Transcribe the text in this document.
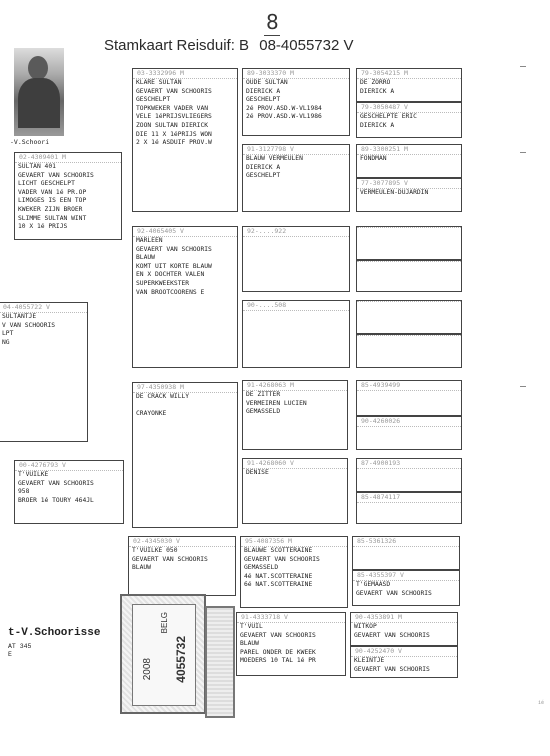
8
Stamkaart Reisduif: B 08-4055732 V
-V.Schoori
02-4309401 M
SULTAN 401
GEVAERT VAN SCHOORIS
LICHT GESCHELPT
VADER VAN 1é PR.OP
LIMOGES IS EEN TOP
KWEKER ZIJN BROER
SLIMME SULTAN WINT
10 X 1é PRIJS
04-4055722 V
SULTANTJE
V VAN SCHOORIS
LPT
NG
03-3332996 M
KLARE SULTAN
GEVAERT VAN SCHOORIS
GESCHELPT
TOPKWEKER VADER VAN
VELE 1éPRIJSVLIEGERS
ZOON SULTAN DIERICK
DIE 11 X 1éPRIJS WON
2 X 1é ASDUIF PROV.W
92-4065405 V
MARLEEN
GEVAERT VAN SCHOORIS
BLAUW
KOMT UIT KORTE BLAUW
EN X DOCHTER VALEN
SUPERKWEEKSTER
VAN BROOTCOORENS E
97-4350938 M
DE CRACK WILLY

CRAYONKE
00-4276793 V
T'VUILKE
GEVAERT VAN SCHOORIS
958
BROER 1é TOURY 464JL
02-4345030 V
T'VUILKE 050
GEVAERT VAN SCHOORIS
BLAUW
89-3033370 M
OUDE SULTAN
DIERICK A
GESCHELPT
2é PROV.ASD.W-VL1984
2é PROV.ASD.W-VL1986
91-3127798 V
BLAUW VERMEULEN
DIERICK A
GESCHELPT
92-....922
90-....508
91-4268063 M
DE ZITTER
VERMEIREN LUCIEN
GEMASSELD
91-4268060 V
DENISE
95-4087356 M
BLAUWE SCOTTERAINE
GEVAERT VAN SCHOORIS
GEMASSELD
4é NAT.SCOTTERAINE
6é NAT.SCOTTERAINE
91-4333718 V
T'VUIL
GEVAERT VAN SCHOORIS
BLAUW
PAREL ONDER DE KWEEK
MOEDERS 10 TAL 1é PR
79-3054215 M
DE ZORRO
DIERICK A
79-3050487 V
GESCHELPTE ERIC
DIERICK A
89-3300251 M
FONDMAN
77-3077895 V
VERMEULEN-DUJARDIN
85-4939499
90-4260026
87-4900193
85-4874117
85-5361326
85-4355397 V
T'GEMAASD
GEVAERT VAN SCHOORIS
90-4353891 M
WITKOP
GEVAERT VAN SCHOORIS
90-4252470 V
KLEINTJE
GEVAERT VAN SCHOORIS
t-V.Schoorisse
AT 345
E
2008
BELG
4055732
ié
